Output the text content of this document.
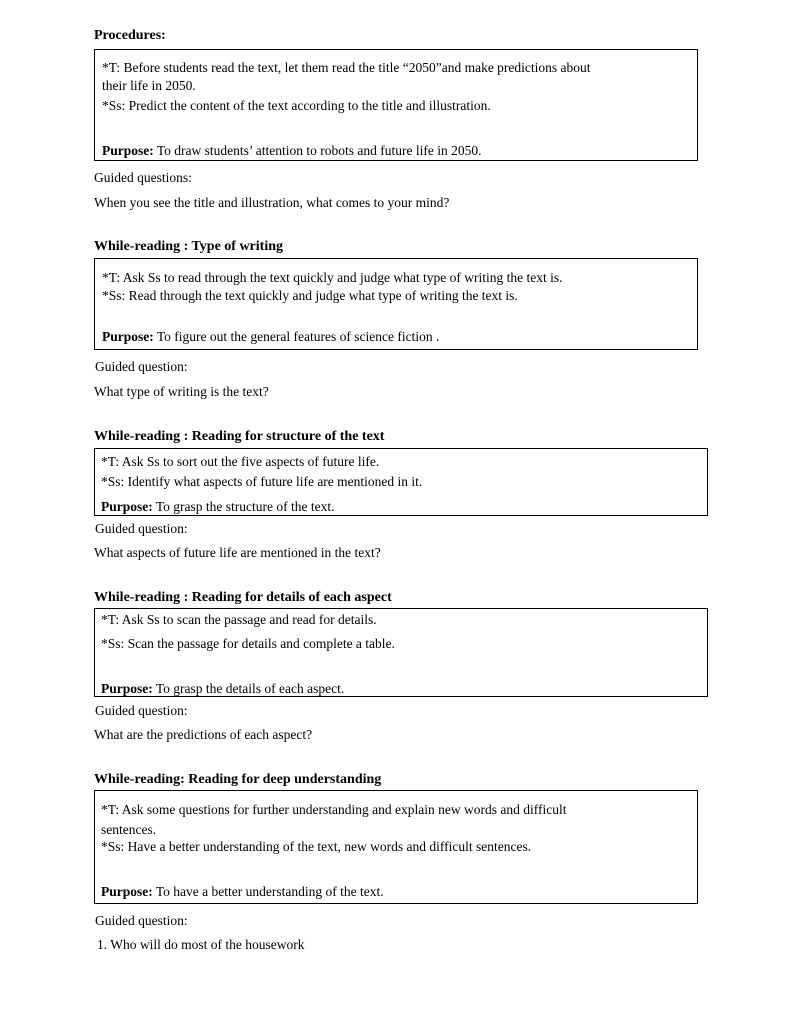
Procedures:
*T: Before students read the text, let them read the title “2050”and make predictions about
their life in 2050.
*Ss: Predict the content of the text according to the title and illustration.
Purpose: To draw students’ attention to robots and future life in 2050.
Guided questions:
When you see the title and illustration, what comes to your mind?
While-reading : Type of writing
*T: Ask Ss to read through the text quickly and judge what type of writing the text is.
*Ss: Read through the text quickly and judge what type of writing the text is.
Purpose: To figure out the general features of science fiction .
Guided question:
What type of writing is the text?
While-reading : Reading for structure of the text
*T: Ask Ss to sort out the five aspects of future life.
*Ss: Identify what aspects of future life are mentioned in it.
Purpose: To grasp the structure of the text.
Guided question:
What aspects of future life are mentioned in the text?
While-reading : Reading for details of each aspect
*T: Ask Ss to scan the passage and read for details.
*Ss: Scan the passage for details and complete a table.
Purpose: To grasp the details of each aspect.
Guided question:
What are the predictions of each aspect?
While-reading: Reading for deep understanding
*T: Ask some questions for further understanding and explain new words and difficult
sentences.
*Ss: Have a better understanding of the text, new words and difficult sentences.
Purpose: To have a better understanding of the text.
Guided question:
1. Who will do most of the housework
